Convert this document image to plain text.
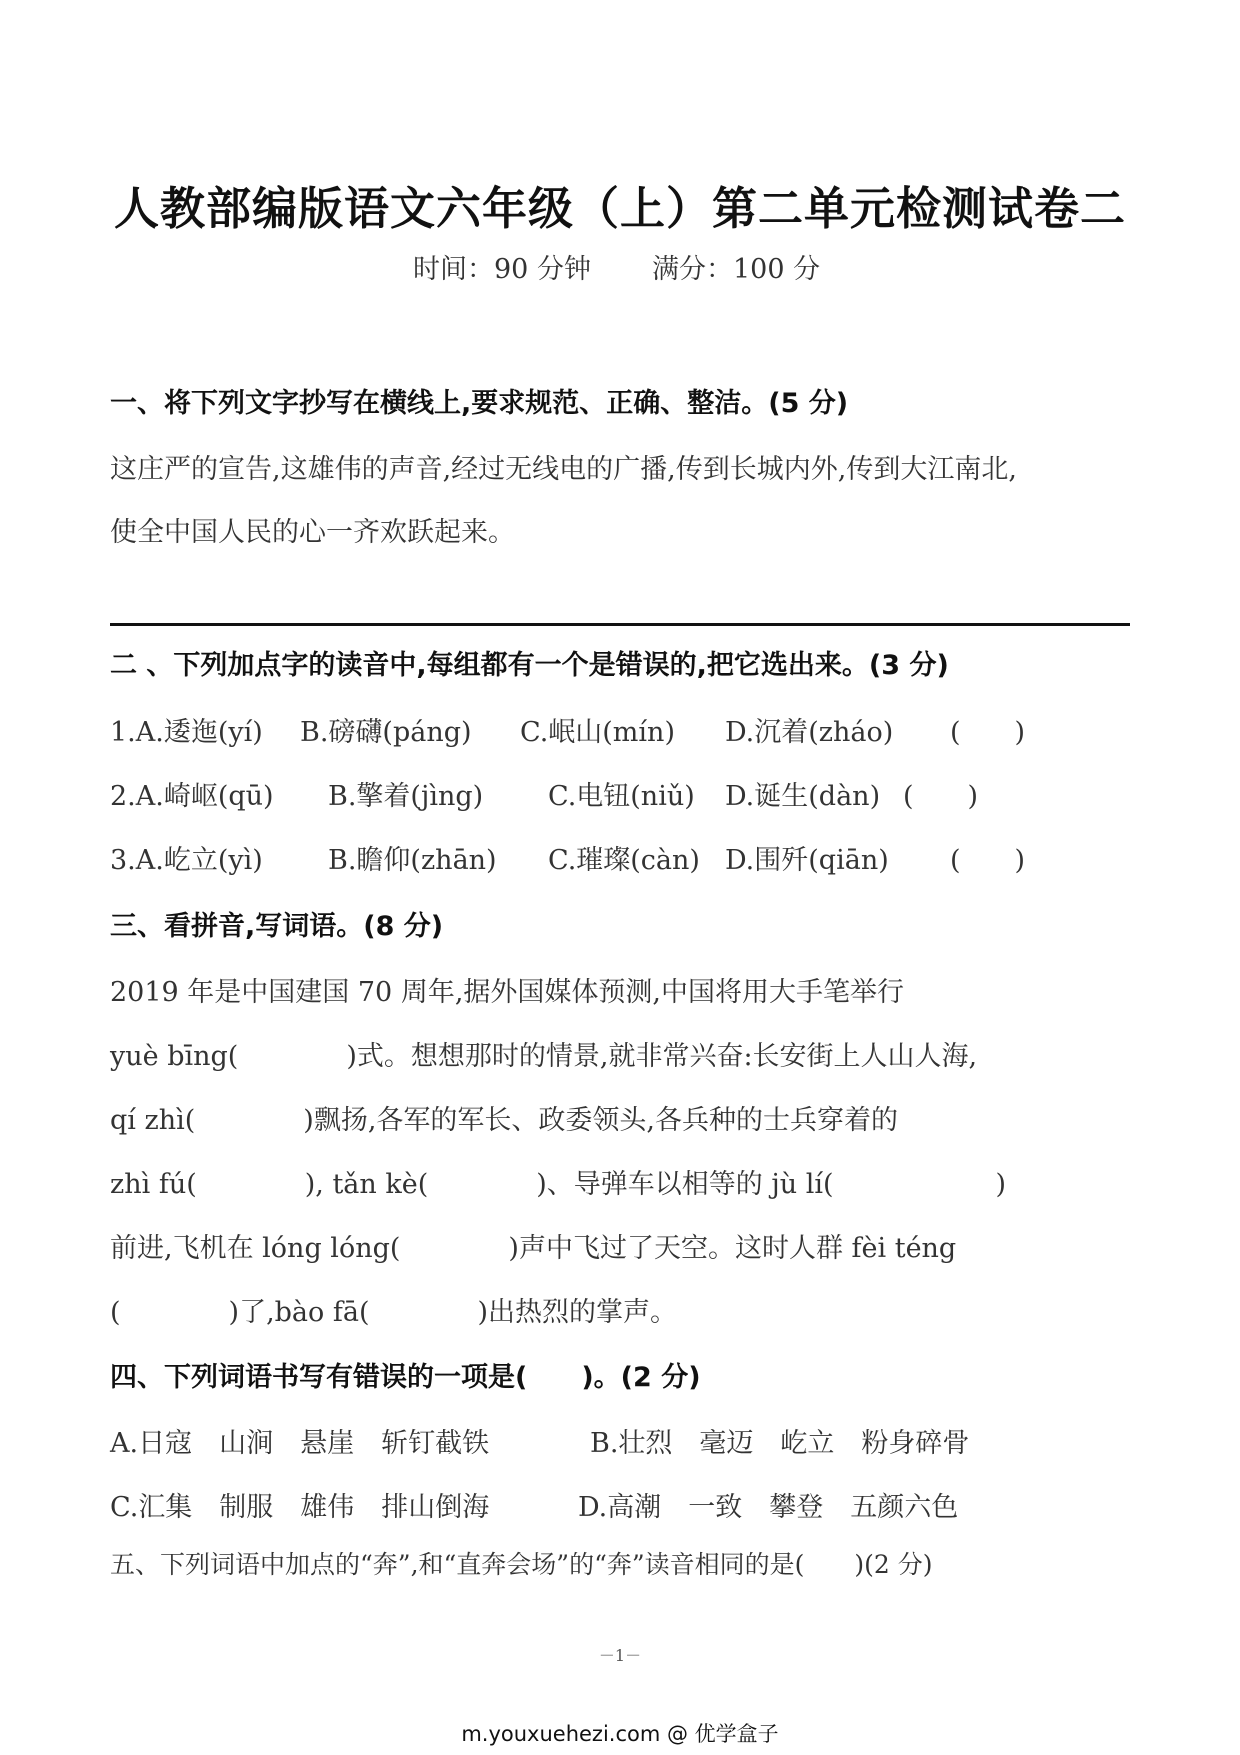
人教部编版语文六年级（上）第二单元检测试卷二
时间：90 分钟 满分：100 分
一、将下列文字抄写在横线上,要求规范、正确、整洁。(5 分)
这庄严的宣告,这雄伟的声音,经过无线电的广播,传到长城内外,传到大江南北,
使全中国人民的心一齐欢跃起来。
二 、下列加点字的读音中,每组都有一个是错误的,把它选出来。(3 分)
1.A.逶迤(yí) B.磅礴(páng) C.岷山(mín) D.沉着(zháo) (　　)
2.A.崎岖(qū) B.擎着(jìng) C.电钮(niǔ) D.诞生(dàn) (　　)
3.A.屹立(yì) B.瞻仰(zhān) C.璀璨(càn) D.围歼(qiān) (　　)
三、看拼音,写词语。(8 分)
2019 年是中国建国 70 周年,据外国媒体预测,中国将用大手笔举行
yuè bīng(　　　　)式。想想那时的情景,就非常兴奋:长安街上人山人海,
qí zhì(　　　　)飘扬,各军的军长、政委领头,各兵种的士兵穿着的
zhì fú(　　　　), tǎn kè(　　　　)、导弹车以相等的 jù lí(　　　　　　)
前进,飞机在 lóng lóng(　　　　)声中飞过了天空。这时人群 fèi téng
(　　　　)了,bào fā(　　　　)出热烈的掌声。
四、下列词语书写有错误的一项是(　　)。(2 分)
A.日寇　山涧　悬崖　斩钉截铁	B.壮烈　毫迈　屹立　粉身碎骨
C.汇集　制服　雄伟　排山倒海	D.高潮　一致　攀登　五颜六色
五、下列词语中加点的“奔”,和“直奔会场”的“奔”读音相同的是(　　)(2 分)
－1－
m.youxuehezi.com @ 优学盒子
